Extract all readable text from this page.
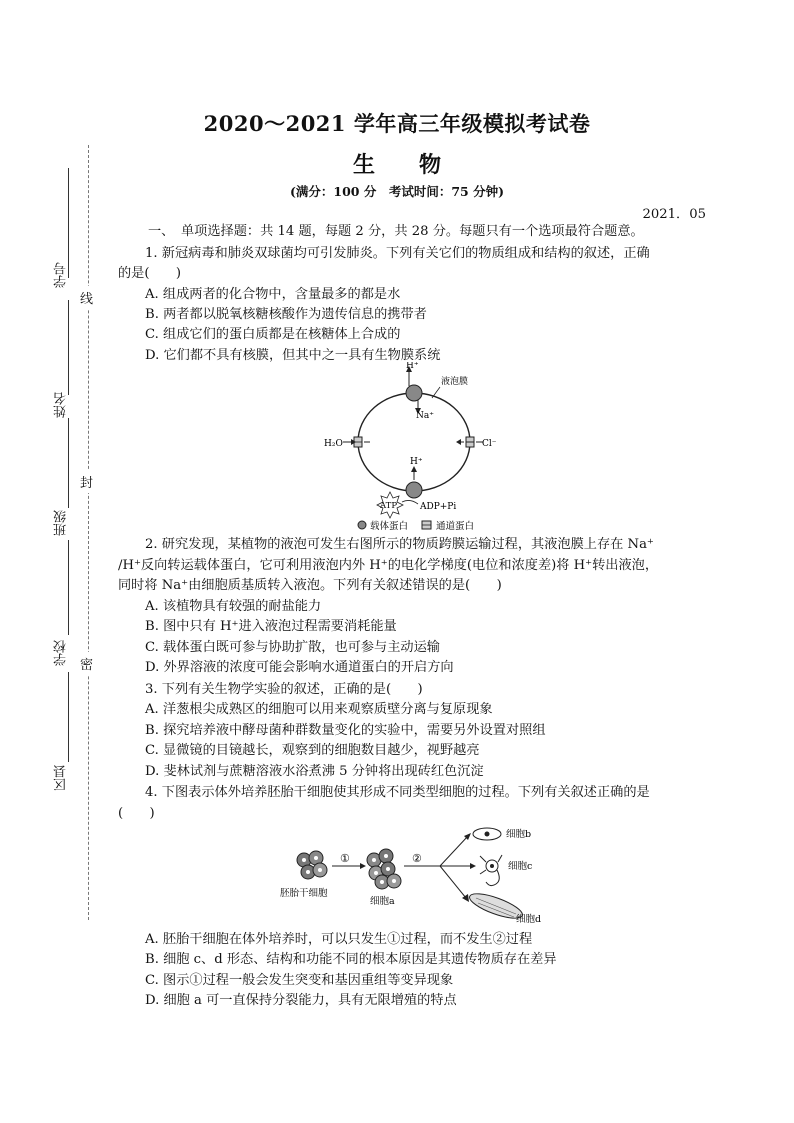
学号
姓名
班级
学校
区县
线
封
密
2020～2021 学年高三年级模拟考试卷
生 物
(满分：100 分　考试时间：75 分钟)
2021．05
一、　单项选择题：共 14 题，每题 2 分，共 28 分。每题只有一个选项最符合题意。
1. 新冠病毒和肺炎双球菌均可引发肺炎。下列有关它们的物质组成和结构的叙述，正确
的是(　　)
A. 组成两者的化合物中，含量最多的都是水
B. 两者都以脱氧核糖核酸作为遗传信息的携带者
C. 组成它们的蛋白质都是在核糖体上合成的
D. 它们都不具有核膜，但其中之一具有生物膜系统
H⁺
Na⁺
液泡膜
H₂O	Cl⁻
H⁺
ATP	ADP+Pi
载体蛋白	通道蛋白
2. 研究发现，某植物的液泡可发生右图所示的物质跨膜运输过程，其液泡膜上存在 Na⁺
/H⁺反向转运载体蛋白，它可利用液泡内外 H⁺的电化学梯度(电位和浓度差)将 H⁺转出液泡，
同时将 Na⁺由细胞质基质转入液泡。下列有关叙述错误的是(　　)
A. 该植物具有较强的耐盐能力
B. 图中只有 H⁺进入液泡过程需要消耗能量
C. 载体蛋白既可参与协助扩散，也可参与主动运输
D. 外界溶液的浓度可能会影响水通道蛋白的开启方向
3. 下列有关生物学实验的叙述，正确的是(　　)
A. 洋葱根尖成熟区的细胞可以用来观察质壁分离与复原现象
B. 探究培养液中酵母菌种群数量变化的实验中，需要另外设置对照组
C. 显微镜的目镜越长，观察到的细胞数目越少，视野越亮
D. 斐林试剂与蔗糖溶液水浴煮沸 5 分钟将出现砖红色沉淀
4. 下图表示体外培养胚胎干细胞使其形成不同类型细胞的过程。下列有关叙述正确的是
(　　)
胚胎干细胞
①
细胞a
②
细胞b
细胞c
细胞d
A. 胚胎干细胞在体外培养时，可以只发生①过程，而不发生②过程
B. 细胞 c、d 形态、结构和功能不同的根本原因是其遗传物质存在差异
C. 图示①过程一般会发生突变和基因重组等变异现象
D. 细胞 a 可一直保持分裂能力，具有无限增殖的特点
